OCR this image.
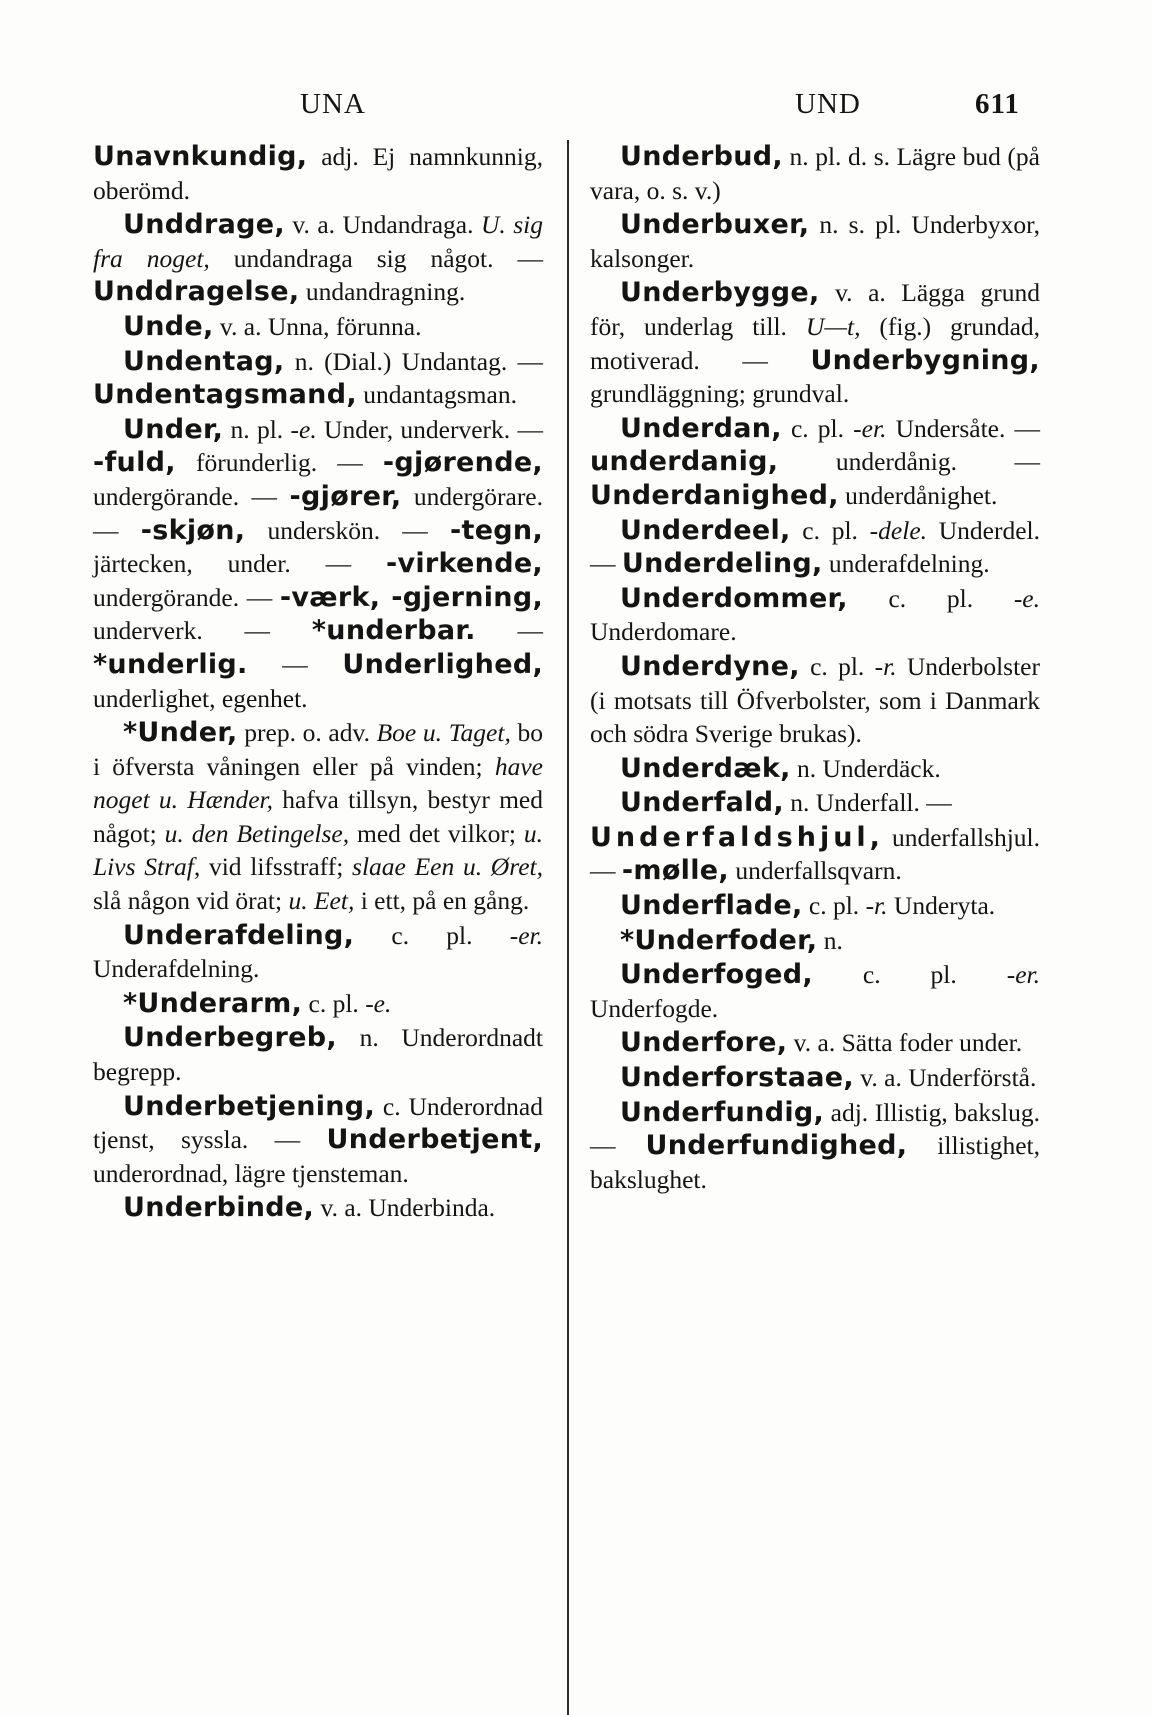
UNA	UND	611

Unavnkundig, adj. Ej namnkunnig, oberömd.

Unddrage, v. a. Undandraga. U. sig fra noget, undandraga sig något. — Unddragelse, undandragning.

Unde, v. a. Unna, förunna.

Undentag, n. (Dial.) Undantag. — Undentagsmand, undantagsman.

Under, n. pl. -e. Under, underverk. — -fuld, förunderlig. — -gjørende, undergörande. — -gjører, undergörare. — -skjøn, underskön. — -tegn, järtecken, under. — -virkende, undergörande. — -værk, -gjerning, underverk. — *underbar. — *underlig. — Underlighed, underlighet, egenhet.

*Under, prep. o. adv. Boe u. Taget, bo i öfversta våningen eller på vinden; have noget u. Hænder, hafva tillsyn, bestyr med något; u. den Betingelse, med det vilkor; u. Livs Straf, vid lifsstraff; slaae Een u. Øret, slå någon vid örat; u. Eet, i ett, på en gång.

Underafdeling, c. pl. -er. Underafdelning.

*Underarm, c. pl. -e.

Underbegreb, n. Underordnadt begrepp.

Underbetjening, c. Underordnad tjenst, syssla. — Underbetjent, underordnad, lägre tjensteman.

Underbinde, v. a. Underbinda.

Underbud, n. pl. d. s. Lägre bud (på vara, o. s. v.)

Underbuxer, n. s. pl. Underbyxor, kalsonger.

Underbygge, v. a. Lägga grund för, underlag till. U—t, (fig.) grundad, motiverad. — Underbygning, grundläggning; grundval.

Underdan, c. pl. -er. Undersåte. — underdanig, underdånig. — Underdanighed, underdånighet.

Underdeel, c. pl. -dele. Underdel. — Underdeling, underafdelning.

Underdommer, c. pl. -e. Underdomare.

Underdyne, c. pl. -r. Underbolster (i motsats till Öfverbolster, som i Danmark och södra Sverige brukas).

Underdæk, n. Underdäck.

Underfald, n. Underfall. —

Underfaldshjul, underfallshjul. — -mølle, underfallsqvarn.

Underflade, c. pl. -r. Underyta.

*Underfoder, n.

Underfoged, c. pl. -er. Underfogde.

Underfore, v. a. Sätta foder under.

Underforstaae, v. a. Underförstå.

Underfundig, adj. Illistig, bakslug. — Underfundighed, illistighet, bakslughet.
